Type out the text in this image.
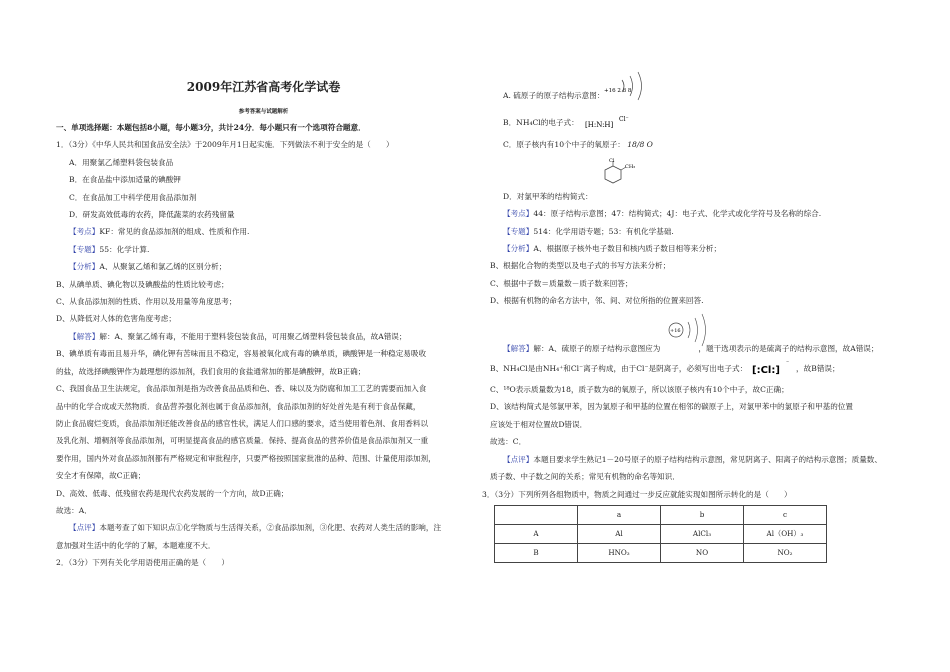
2009年江苏省高考化学试卷
参考答案与试题解析

一、单项选择题：本题包括8小题，每小题3分，共计24分．每小题只有一个选项符合题意．

1．（3分）《中华人民共和国食品安全法》于2009年月1日起实施．下列做法不利于安全的是（　　）

A．用聚氯乙烯塑料袋包装食品

B．在食品盐中添加适量的碘酸钾

C．在食品加工中科学使用食品添加剂

D．研发高效低毒的农药，降低蔬菜的农药残留量

【考点】KF：常见的食品添加剂的组成、性质和作用.

【专题】55：化学计算.

【分析】A、从聚氯乙烯和氯乙烯的区别分析；

B、从碘单质、碘化物以及碘酸盐的性质比较考虑；

C、从食品添加剂的性质、作用以及用量等角度思考；

D、从降低对人体的危害角度考虑；

【解答】解：A、聚氯乙烯有毒，不能用于塑料袋包装食品，可用聚乙烯塑料袋包装食品，故A错误；

B、碘单质有毒而且易升华，碘化钾有苦味而且不稳定，容易被氧化成有毒的碘单质，碘酸钾是一种稳定易吸收

的盐，故选择碘酸钾作为最理想的添加剂，我们食用的食盐通常加的都是碘酸钾，故B正确；

C、我国食品卫生法规定，食品添加剂是指为改善食品品质和色、香、味以及为防腐和加工工艺的需要而加入食

品中的化学合成或天然物质．食品营养强化剂也属于食品添加剂，食品添加剂的好处首先是有利于食品保藏，

防止食品腐烂变质，食品添加剂还能改善食品的感官性状，满足人们口感的要求，适当使用着色剂、食用香料以

及乳化剂、增稠剂等食品添加剂，可明显提高食品的感官质量．保持、提高食品的营养价值是食品添加剂又一重

要作用，国内外对食品添加剂都有严格规定和审批程序，只要严格按照国家批准的品种、范围、计量使用添加剂，

安全才有保障，故C正确；

D、高效、低毒、低残留农药是现代农药发展的一个方向，故D正确；

故选：A．

【点评】本题考查了如下知识点①化学物质与生活得关系，②食品添加剂，③化肥、农药对人类生活的影响，注

意加强对生活中的化学的了解，本题难度不大．

2．（3分）下列有关化学用语使用正确的是（　　）

+16 2 8 8

A. 硫原子的原子结构示意图：

B．NH₄Cl的电子式： [H:N:H]
Cl⁻

C．原子核内有10个中子的氧原子： 18/8 O

Cl
CH₃

D．对氯甲苯的结构简式：

【考点】44：原子结构示意图；47：结构简式；4J：电子式、化学式或化学符号及名称的综合.

【专题】514：化学用语专题；53：有机化学基础.

【分析】A、根据原子核外电子数目和核内质子数目相等来分析；

B、根据化合物的类型以及电子式的书写方法来分析；

C、根据中子数＝质量数－质子数来回答；

D、根据有机物的命名方法中，邻、间、对位所指的位置来回答.

+16

【解答】解：A、硫原子的原子结构示意图应为	，题干选项表示的是硫离子的结构示意图，故A错误；

B、NH₄Cl是由NH₄⁺和Cl⁻离子构成，由于Cl⁻是阴离子，必须写出电子式： [:Cl:]
⁻
，故B错误；

C、¹⁸O表示质量数为18，质子数为8的氧原子，所以该原子核内有10个中子，故C正确；

D、该结构简式是邻氯甲苯，因为氯原子和甲基的位置在相邻的碳原子上，对氯甲苯中的氯原子和甲基的位置

应该处于相对位置故D错误．

故选：C．

【点评】本题目要求学生熟记1－20号原子的原子结构结构示意图，常见阴离子、阳离子的结构示意图；质量数、

质子数、中子数之间的关系；常见有机物的命名等知识．

3．（3分）下列所列各组物质中，物质之间通过一步反应就能实现如图所示转化的是（　　）

	a	b	c
A	Al	AlCl₃	Al（OH）₃
B	HNO₃	NO	NO₂
